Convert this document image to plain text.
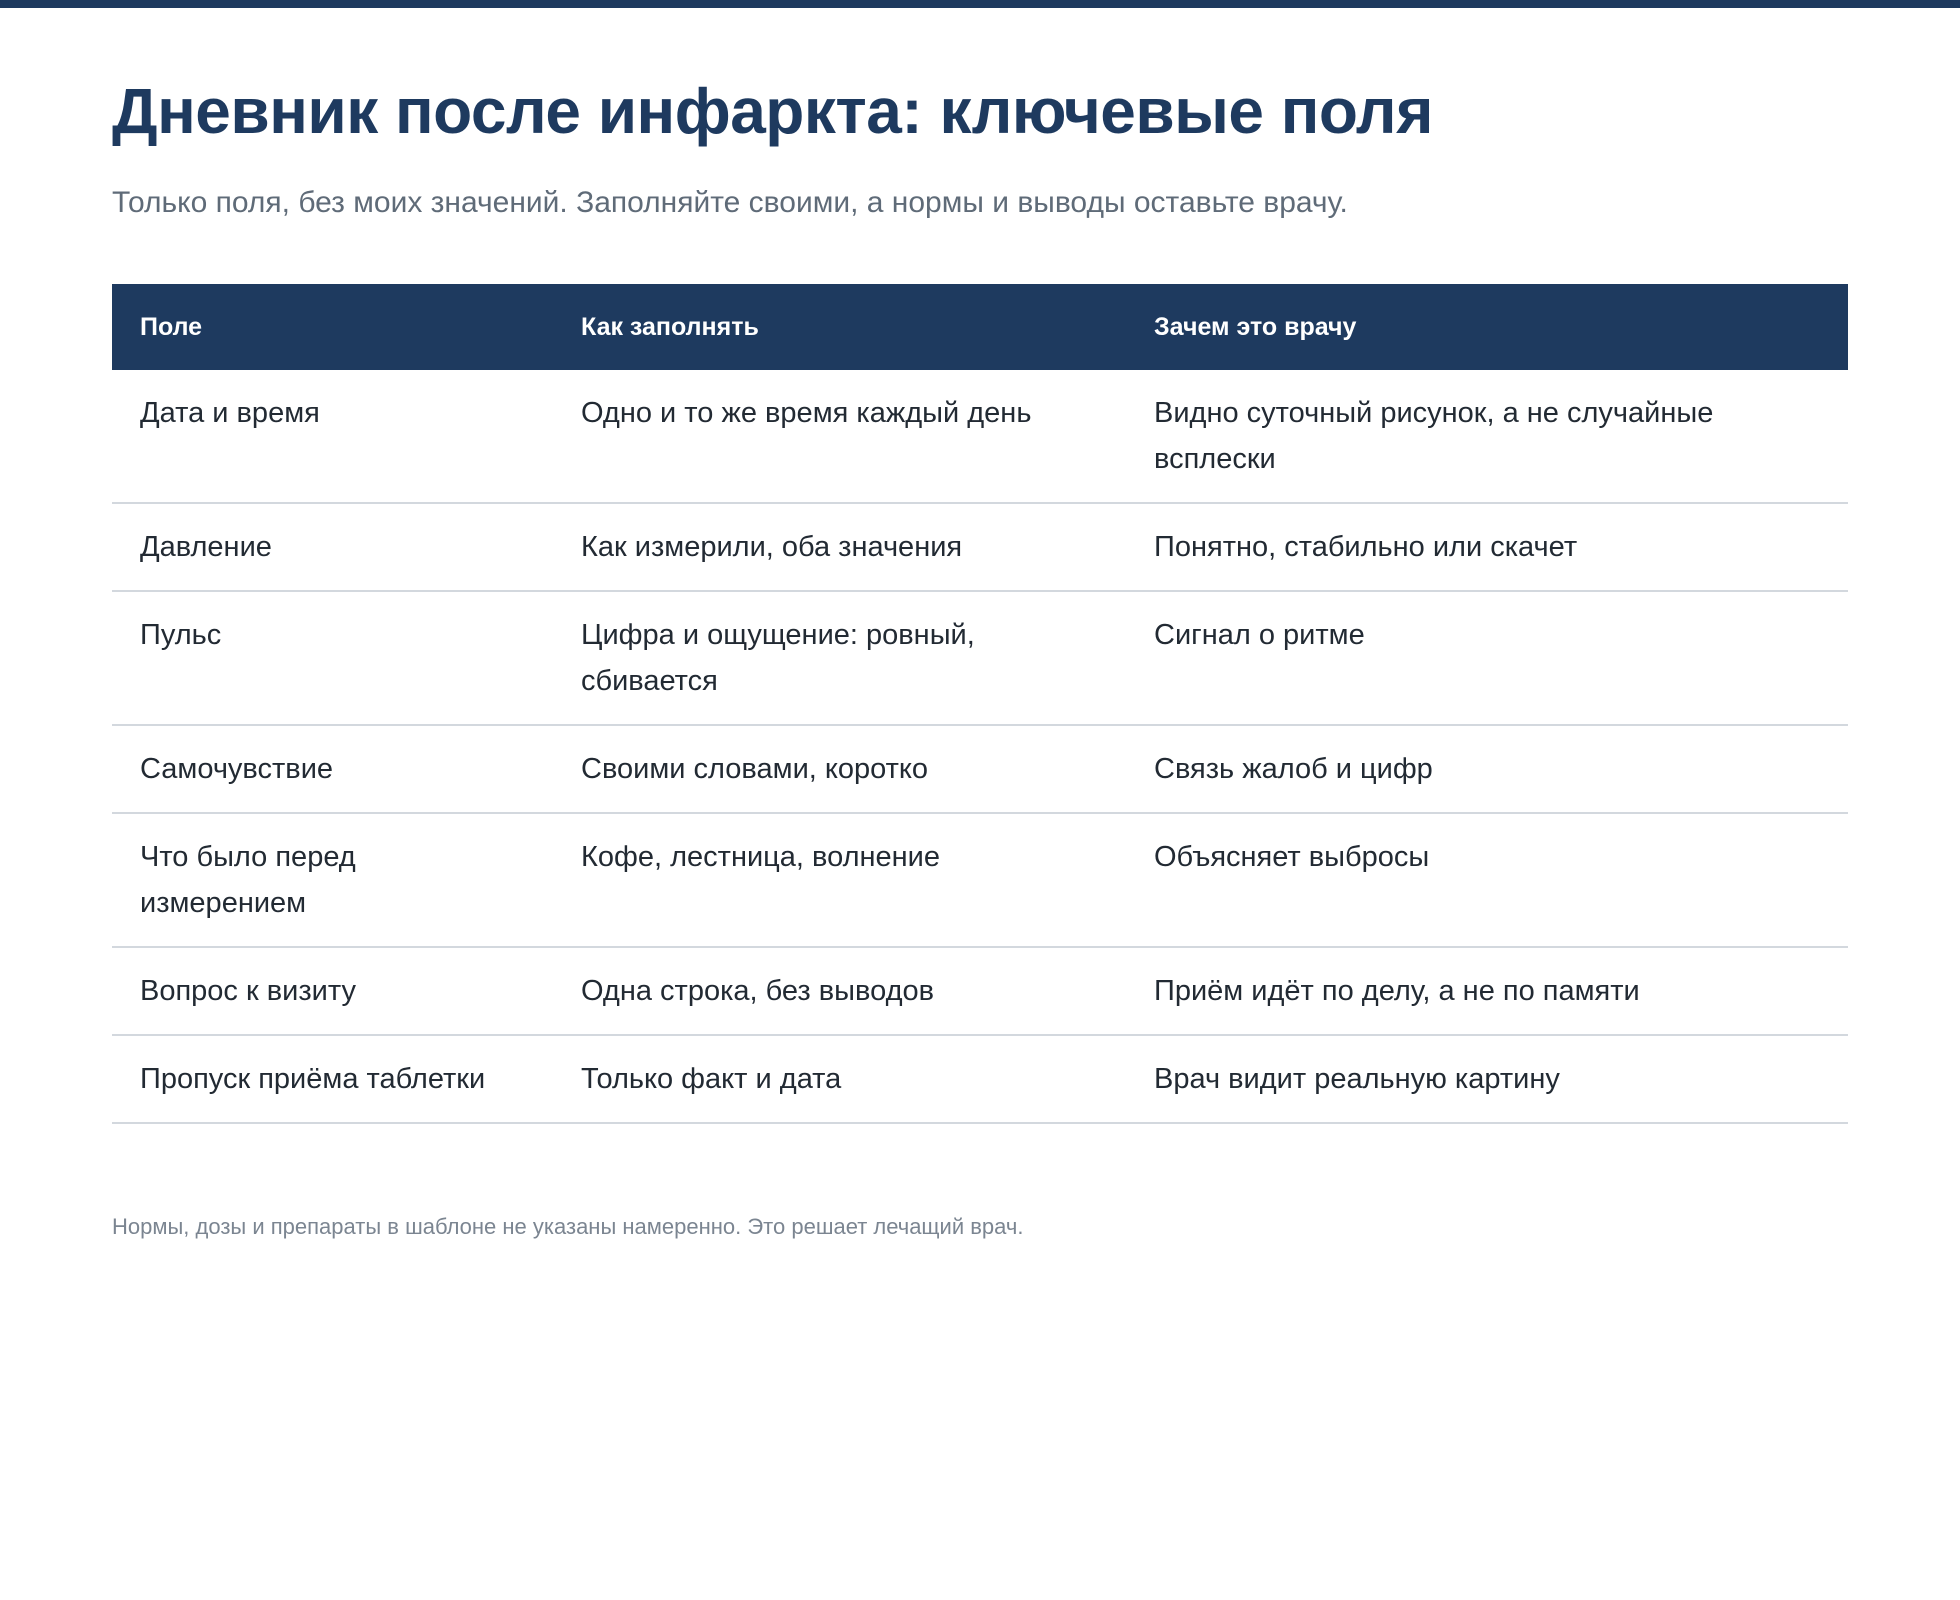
Дневник после инфаркта: ключевые поля
Только поля, без моих значений. Заполняйте своими, а нормы и выводы оставьте врачу.
Поле	Как заполнять	Зачем это врачу
Дата и время	Одно и то же время каждый день	Видно суточный рисунок, а не случайные всплески
Давление	Как измерили, оба значения	Понятно, стабильно или скачет
Пульс	Цифра и ощущение: ровный, сбивается	Сигнал о ритме
Самочувствие	Своими словами, коротко	Связь жалоб и цифр
Что было перед измерением	Кофе, лестница, волнение	Объясняет выбросы
Вопрос к визиту	Одна строка, без выводов	Приём идёт по делу, а не по памяти
Пропуск приёма таблетки	Только факт и дата	Врач видит реальную картину
Нормы, дозы и препараты в шаблоне не указаны намеренно. Это решает лечащий врач.
